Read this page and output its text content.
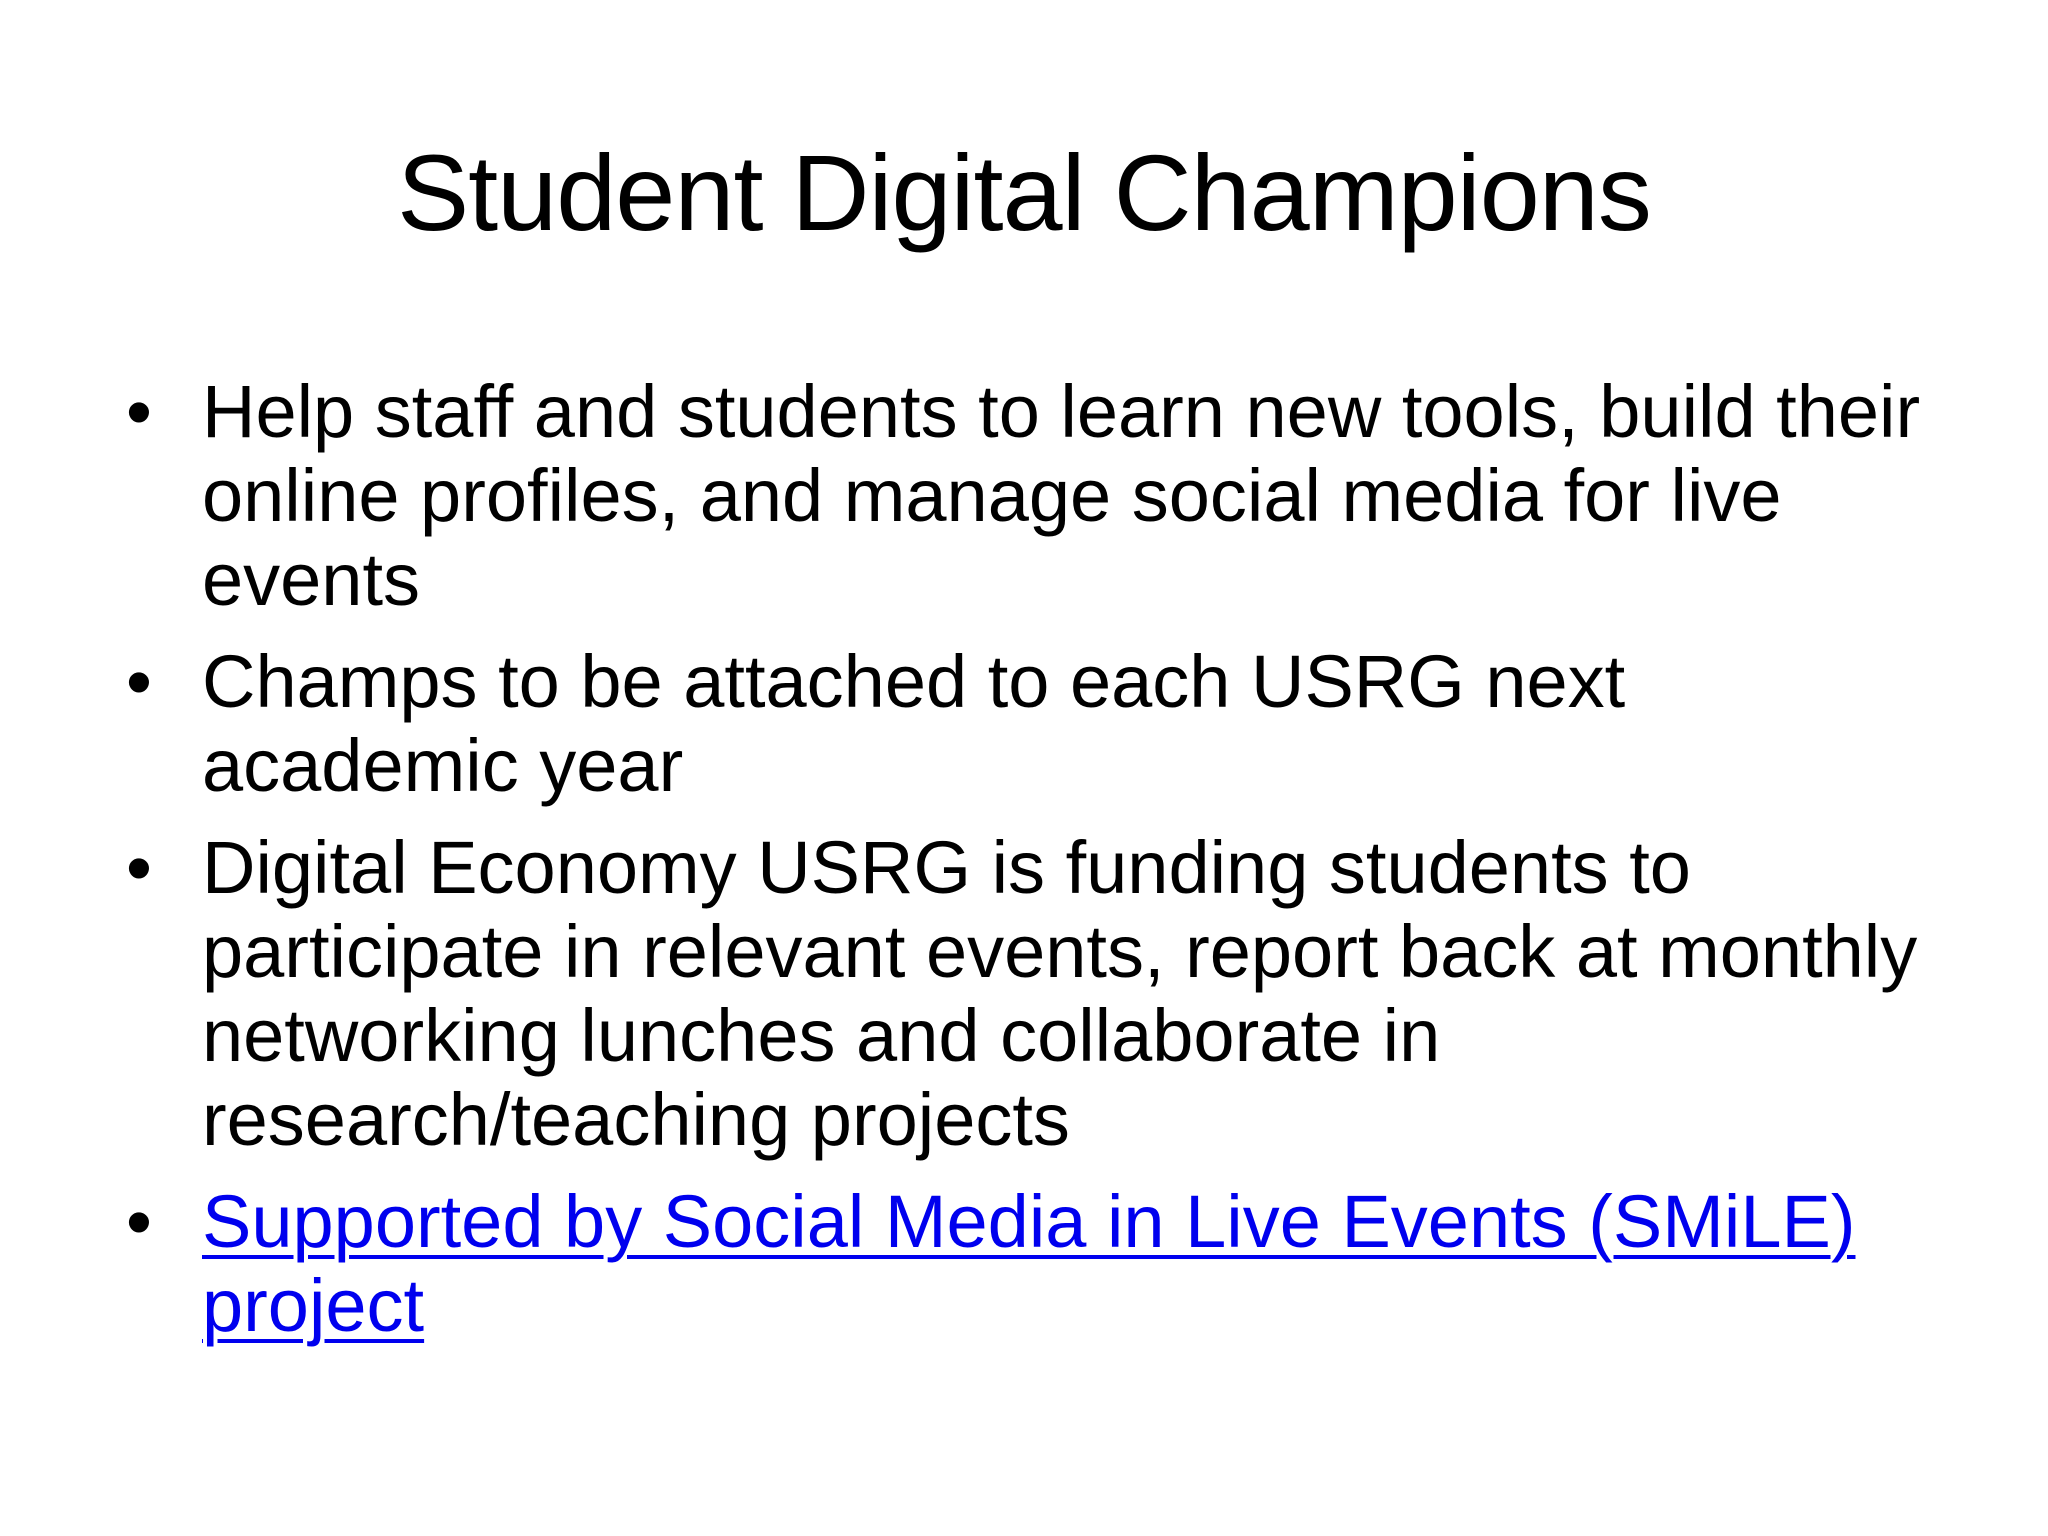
Student Digital Champions
• Help staff and students to learn new tools, build their online profiles, and manage social media for live events
• Champs to be attached to each USRG next academic year
• Digital Economy USRG is funding students to participate in relevant events, report back at monthly networking lunches and collaborate in research/teaching projects
• Supported by Social Media in Live Events (SMiLE) project
